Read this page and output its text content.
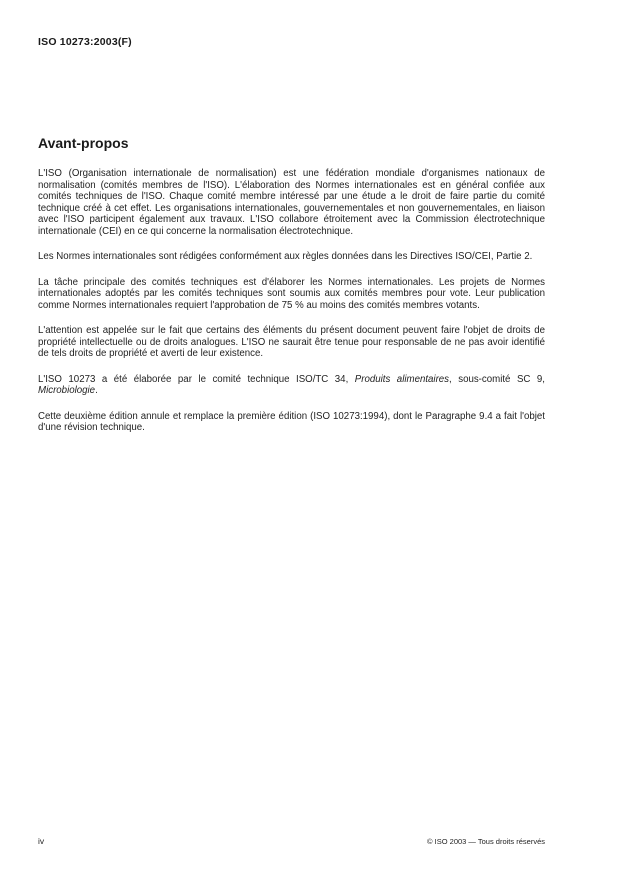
ISO 10273:2003(F)
Avant-propos

L'ISO (Organisation internationale de normalisation) est une fédération mondiale d'organismes nationaux de normalisation (comités membres de l'ISO). L'élaboration des Normes internationales est en général confiée aux comités techniques de l'ISO. Chaque comité membre intéressé par une étude a le droit de faire partie du comité technique créé à cet effet. Les organisations internationales, gouvernementales et non gouvernementales, en liaison avec l'ISO participent également aux travaux. L'ISO collabore étroitement avec la Commission électrotechnique internationale (CEI) en ce qui concerne la normalisation électrotechnique.

Les Normes internationales sont rédigées conformément aux règles données dans les Directives ISO/CEI, Partie 2.

La tâche principale des comités techniques est d'élaborer les Normes internationales. Les projets de Normes internationales adoptés par les comités techniques sont soumis aux comités membres pour vote. Leur publication comme Normes internationales requiert l'approbation de 75 % au moins des comités membres votants.

L'attention est appelée sur le fait que certains des éléments du présent document peuvent faire l'objet de droits de propriété intellectuelle ou de droits analogues. L'ISO ne saurait être tenue pour responsable de ne pas avoir identifié de tels droits de propriété et averti de leur existence.

L'ISO 10273 a été élaborée par le comité technique ISO/TC 34, Produits alimentaires, sous-comité SC 9, Microbiologie.

Cette deuxième édition annule et remplace la première édition (ISO 10273:1994), dont le Paragraphe 9.4 a fait l'objet d'une révision technique.

iv	© ISO 2003 — Tous droits réservés
